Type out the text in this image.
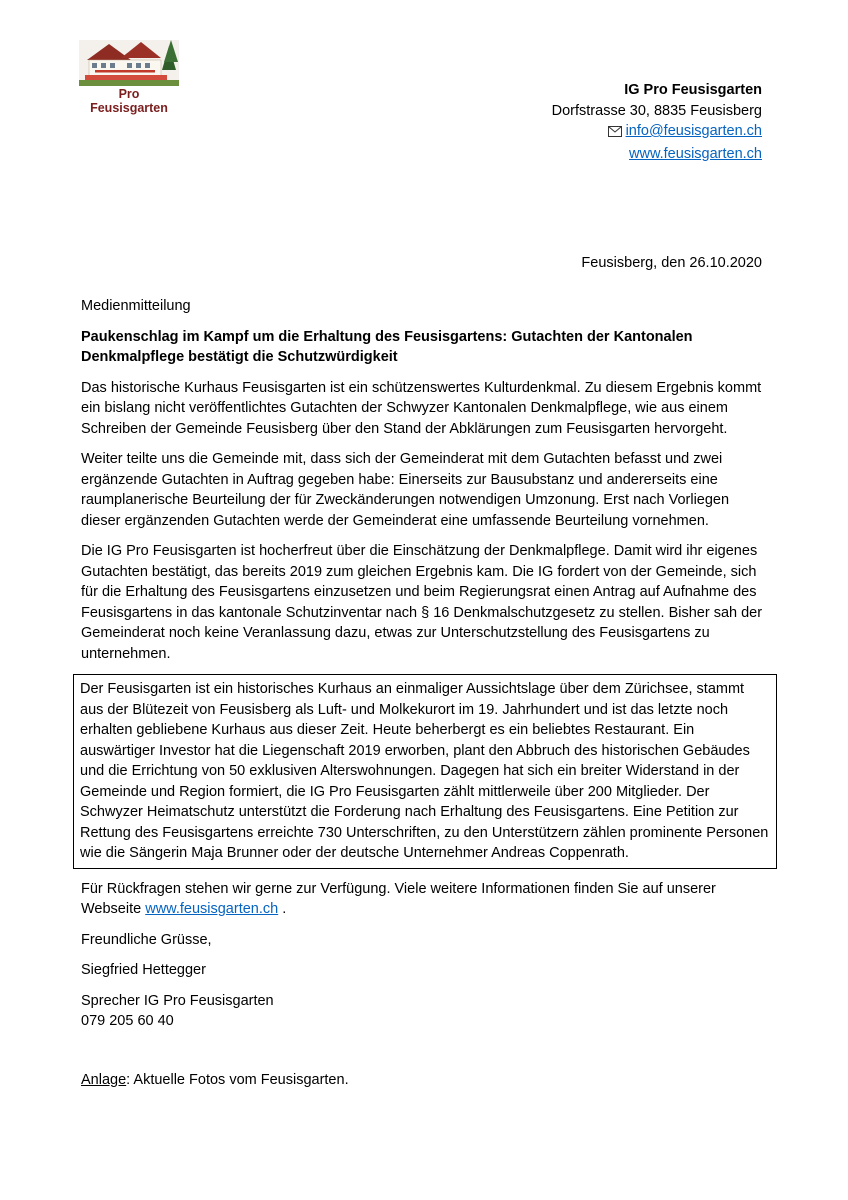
Pro Feusisgarten
IG Pro Feusisgarten
Dorfstrasse 30, 8835 Feusisberg
info@feusisgarten.ch
www.feusisgarten.ch
Feusisberg, den 26.10.2020

Medienmitteilung

Paukenschlag im Kampf um die Erhaltung des Feusisgartens: Gutachten der Kantonalen Denkmalpflege bestätigt die Schutzwürdigkeit

Das historische Kurhaus Feusisgarten ist ein schützenswertes Kulturdenkmal. Zu diesem Ergebnis kommt ein bislang nicht veröffentlichtes Gutachten der Schwyzer Kantonalen Denkmalpflege, wie aus einem Schreiben der Gemeinde Feusisberg über den Stand der Abklärungen zum Feusisgarten hervorgeht.

Weiter teilte uns die Gemeinde mit, dass sich der Gemeinderat mit dem Gutachten befasst und zwei ergänzende Gutachten in Auftrag gegeben habe: Einerseits zur Bausubstanz und andererseits eine raumplanerische Beurteilung der für Zweckänderungen notwendigen Umzonung. Erst nach Vorliegen dieser ergänzenden Gutachten werde der Gemeinderat eine umfassende Beurteilung vornehmen.

Die IG Pro Feusisgarten ist hocherfreut über die Einschätzung der Denkmalpflege. Damit wird ihr eigenes Gutachten bestätigt, das bereits 2019 zum gleichen Ergebnis kam. Die IG fordert von der Gemeinde, sich für die Erhaltung des Feusisgartens einzusetzen und beim Regierungsrat einen Antrag auf Aufnahme des Feusisgartens in das kantonale Schutzinventar nach § 16 Denkmalschutzgesetz zu stellen. Bisher sah der Gemeinderat noch keine Veranlassung dazu, etwas zur Unterschutzstellung des Feusisgartens zu unternehmen.

Der Feusisgarten ist ein historisches Kurhaus an einmaliger Aussichtslage über dem Zürichsee, stammt aus der Blütezeit von Feusisberg als Luft- und Molkekurort im 19. Jahrhundert und ist das letzte noch erhalten gebliebene Kurhaus aus dieser Zeit. Heute beherbergt es ein beliebtes Restaurant. Ein auswärtiger Investor hat die Liegenschaft 2019 erworben, plant den Abbruch des historischen Gebäudes und die Errichtung von 50 exklusiven Alterswohnungen. Dagegen hat sich ein breiter Widerstand in der Gemeinde und Region formiert, die IG Pro Feusisgarten zählt mittlerweile über 200 Mitglieder. Der Schwyzer Heimatschutz unterstützt die Forderung nach Erhaltung des Feusisgartens. Eine Petition zur Rettung des Feusisgartens erreichte 730 Unterschriften, zu den Unterstützern zählen prominente Personen wie die Sängerin Maja Brunner oder der deutsche Unternehmer Andreas Coppenrath.

Für Rückfragen stehen wir gerne zur Verfügung. Viele weitere Informationen finden Sie auf unserer Webseite www.feusisgarten.ch .

Freundliche Grüsse,

Siegfried Hettegger

Sprecher IG Pro Feusisgarten

079 205 60 40

Anlage: Aktuelle Fotos vom Feusisgarten.
